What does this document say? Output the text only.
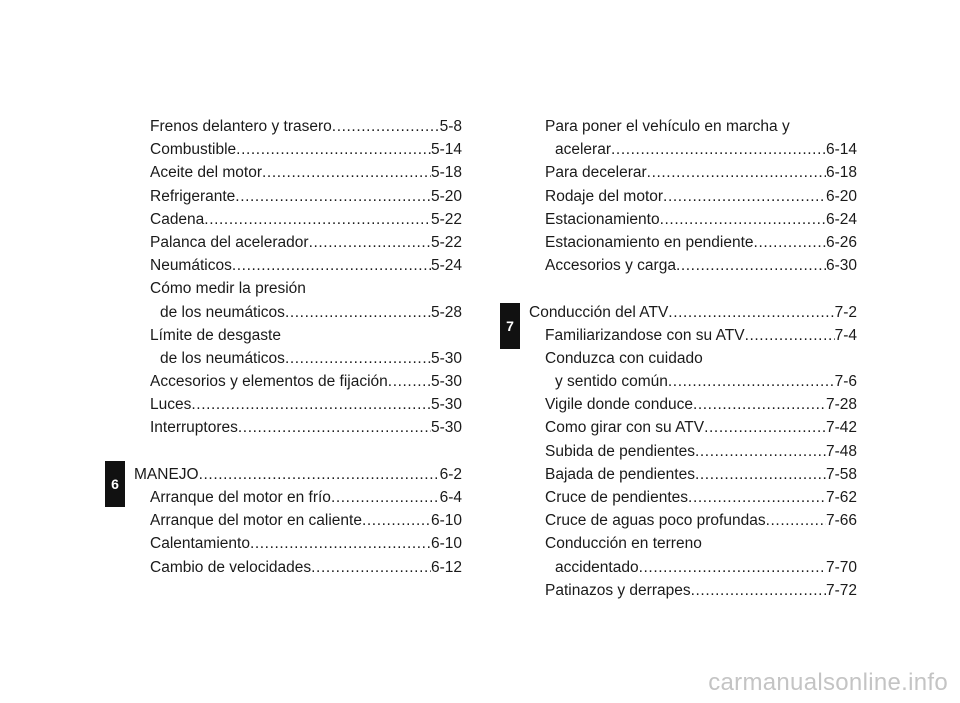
Frenos delantero y trasero .....	5-8
Combustible .....	5-14
Aceite del motor .....	5-18
Refrigerante .....	5-20
Cadena .....	5-22
Palanca del acelerador .....	5-22
Neumáticos .....	5-24
Cómo medir la presión
de los neumáticos .....	5-28
Límite de desgaste
de los neumáticos .....	5-30
Accesorios y elementos de fijación .....	5-30
Luces .....	5-30
Interruptores .....	5-30
MANEJO .....	6-2
Arranque del motor en frío .....	6-4
Arranque del motor en caliente .....	6-10
Calentamiento .....	6-10
Cambio de velocidades .....	6-12
6
Para poner el vehículo en marcha y
acelerar .....	6-14
Para decelerar .....	6-18
Rodaje del motor .....	6-20
Estacionamiento .....	6-24
Estacionamiento en pendiente .....	6-26
Accesorios y carga .....	6-30
Conducción del ATV .....	7-2
Familiarizandose con su ATV .....	7-4
Conduzca con cuidado
y sentido común .....	7-6
Vigile donde conduce .....	7-28
Como girar con su ATV .....	7-42
Subida de pendientes .....	7-48
Bajada de pendientes .....	7-58
Cruce de pendientes .....	7-62
Cruce de aguas poco profundas .....	7-66
Conducción en terreno
accidentado .....	7-70
Patinazos y derrapes .....	7-72
7
carmanualsonline.info
